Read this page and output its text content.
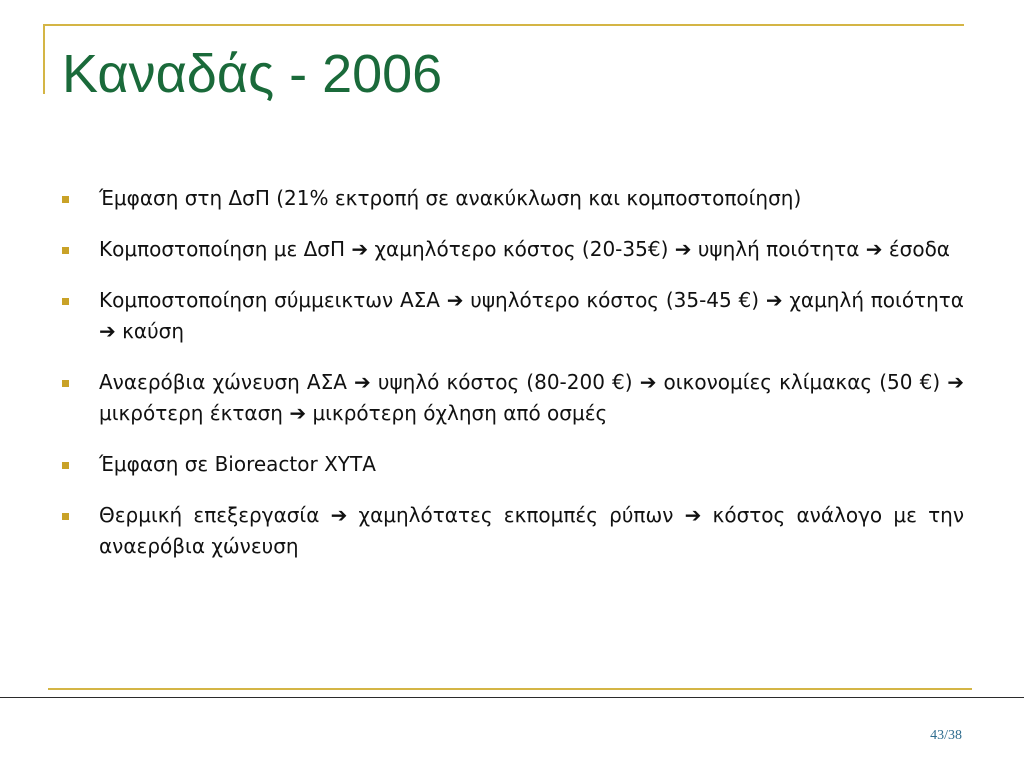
Καναδάς - 2006
Έμφαση στη ΔσΠ (21% εκτροπή σε ανακύκλωση και κομποστοποίηση)
Κομποστοποίηση με ΔσΠ ➔ χαμηλότερο κόστος (20-35€) ➔ υψηλή ποιότητα ➔ έσοδα
Κομποστοποίηση σύμμεικτων ΑΣΑ ➔ υψηλότερο κόστος (35-45 €) ➔ χαμηλή ποιότητα ➔ καύση
Αναερόβια χώνευση ΑΣΑ ➔ υψηλό κόστος (80-200 €) ➔ οικονομίες κλίμακας (50 €) ➔ μικρότερη έκταση ➔ μικρότερη όχληση από οσμές
Έμφαση σε Bioreactor ΧΥΤΑ
Θερμική επεξεργασία ➔ χαμηλότατες εκπομπές ρύπων ➔ κόστος ανάλογο με την αναερόβια χώνευση
43/38
